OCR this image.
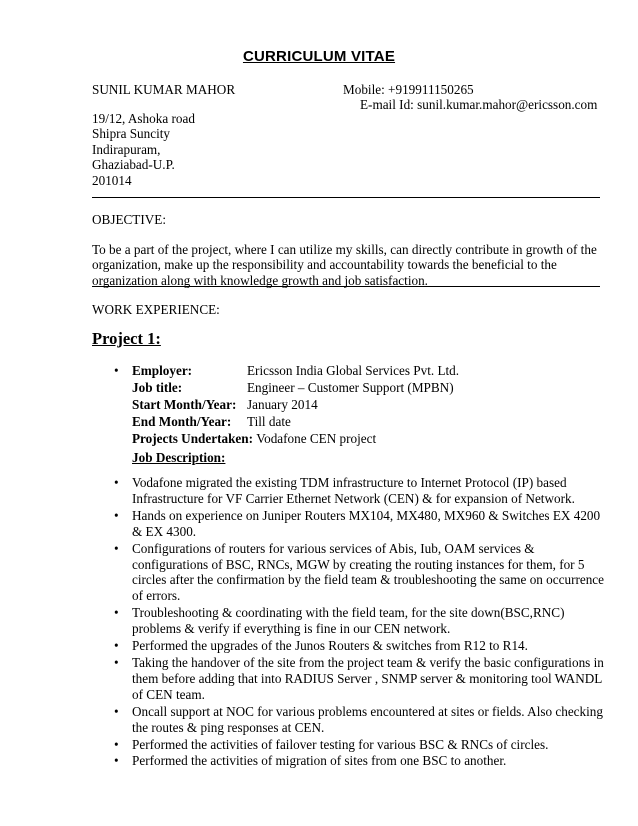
CURRICULUM VITAE
SUNIL KUMAR MAHOR	Mobile: +919911150265
E-mail Id: sunil.kumar.mahor@ericsson.com
19/12, Ashoka road
Shipra Suncity
Indirapuram,
Ghaziabad-U.P.
201014
OBJECTIVE:
To be a part of the project, where I can utilize my skills, can directly contribute in growth of the
organization, make up the responsibility and accountability towards the beneficial to the
organization along with knowledge growth and job satisfaction.
WORK EXPERIENCE:
Project 1:
• Employer:	Ericsson India Global Services Pvt. Ltd.
Job title:	Engineer – Customer Support (MPBN)
Start Month/Year: January 2014
End Month/Year: Till date
Projects Undertaken: Vodafone CEN project
Job Description:
• Vodafone migrated the existing TDM infrastructure to Internet Protocol (IP) based Infrastructure for VF Carrier Ethernet Network (CEN) & for expansion of Network.
• Hands on experience on Juniper Routers MX104, MX480, MX960 & Switches EX 4200 & EX 4300.
• Configurations of routers for various services of Abis, Iub, OAM services & configurations of BSC, RNCs, MGW by creating the routing instances for them, for 5 circles after the confirmation by the field team & troubleshooting the same on occurrence of errors.
• Troubleshooting & coordinating with the field team, for the site down(BSC,RNC) problems & verify if everything is fine in our CEN network.
• Performed the upgrades of the Junos Routers & switches from R12 to R14.
• Taking the handover of the site from the project team & verify the basic configurations in them before adding that into RADIUS Server , SNMP server & monitoring tool WANDL of CEN team.
• Oncall support at NOC for various problems encountered at sites or fields. Also checking the routes & ping responses at CEN.
• Performed the activities of failover testing for various BSC & RNCs of circles.
• Performed the activities of migration of sites from one BSC to another.
